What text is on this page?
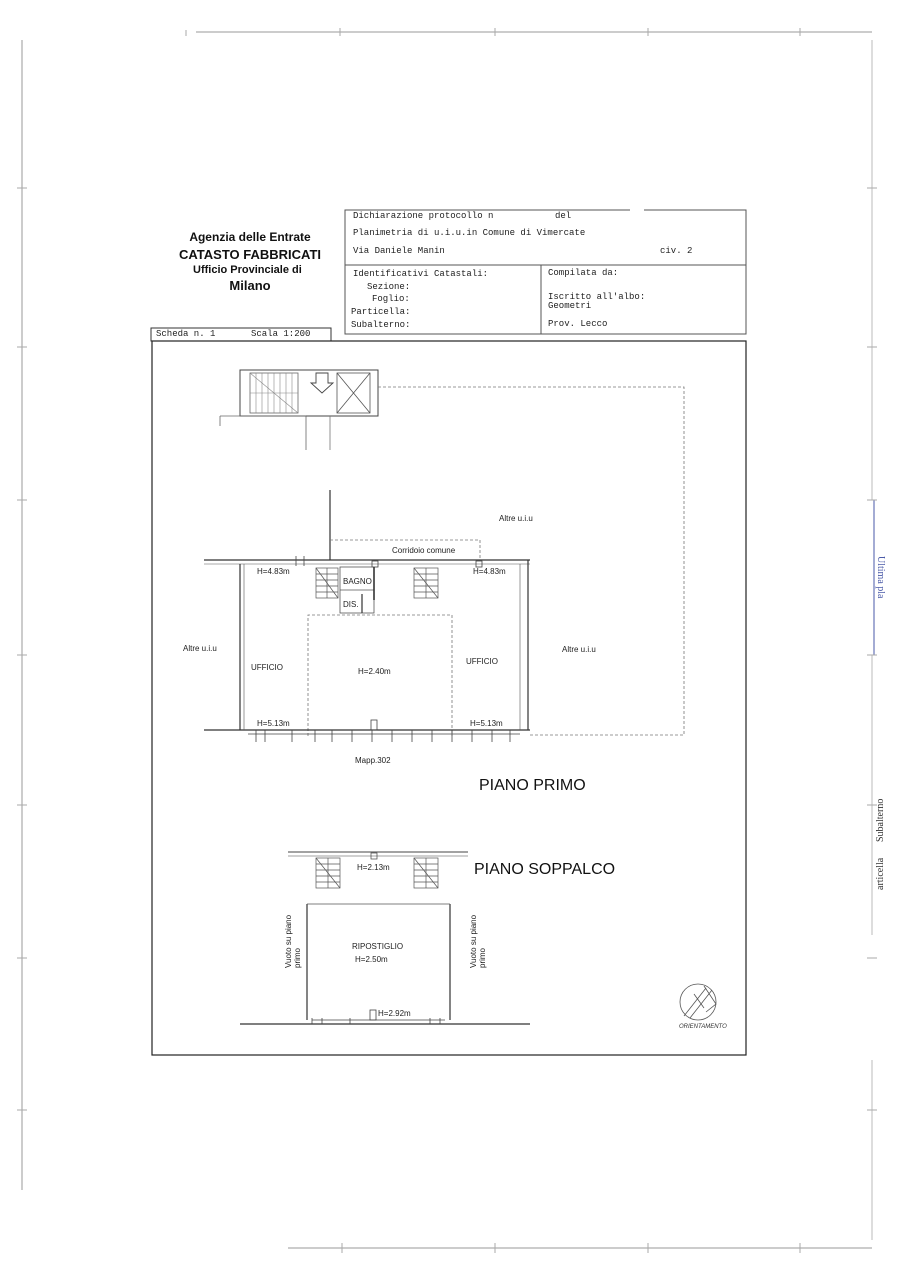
Ultima pla
Subalterno
articella
Agenzia delle Entrate
CATASTO FABBRICATI
Ufficio Provinciale di
Milano
Dichiarazione protocollo n	del
Planimetria di u.i.u.in Comune di Vimercate
Via Daniele Manin	civ. 2
Identificativi Catastali:
Sezione:
Foglio:
Particella:
Subalterno:
Compilata da:
Iscritto all'albo:
Geometri
Prov. Lecco
Scheda n. 1	Scala 1:200
Altre u.i.u
Corridoio comune
H=4.83m	H=4.83m
BAGNO
DIS.
Altre u.i.u	Altre u.i.u
UFFICIO
UFFICIO
H=2.40m
H=5.13m	H=5.13m
Mapp.302
PIANO PRIMO
PIANO SOPPALCO
H=2.13m
Vuoto su piano primo	Vuoto su piano primo
RIPOSTIGLIO
H=2.50m
H=2.92m
ORIENTAMENTO
